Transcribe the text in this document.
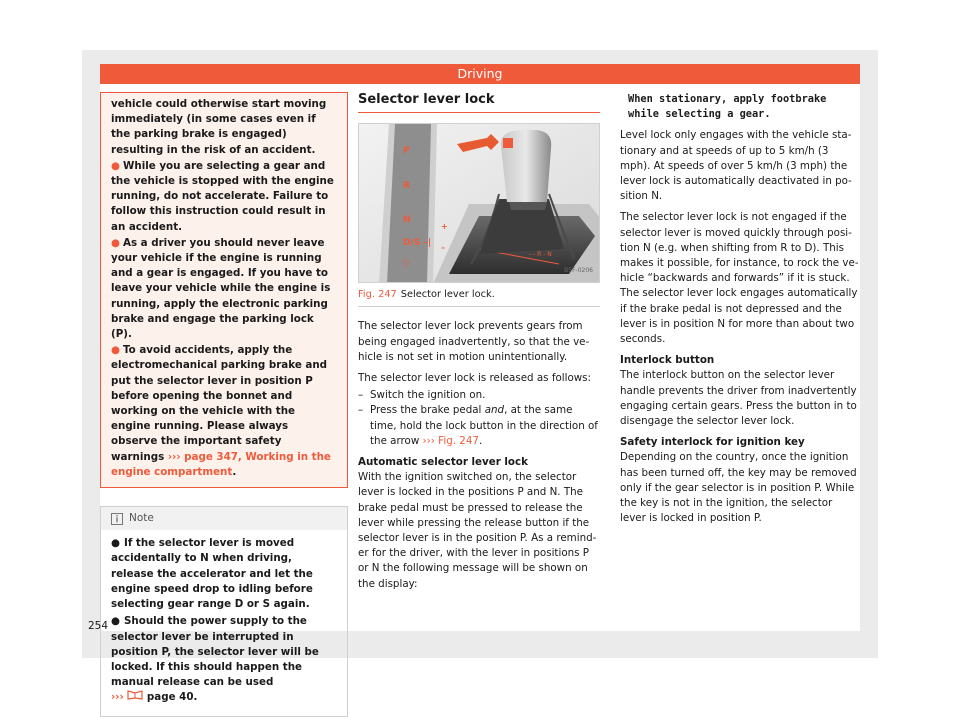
Driving

vehicle could otherwise start moving immediately (in some cases even if the parking brake is engaged) resulting in the risk of an accident.

● While you are selecting a gear and the vehicle is stopped with the engine running, do not accelerate. Failure to follow this instruction could result in an accident.

● As a driver you should never leave your vehicle if the engine is running and a gear is engaged. If you have to leave your vehicle while the engine is running, apply the electronic parking brake and engage the parking lock (P).

● To avoid accidents, apply the electromechanical parking brake and put the selector lever in position P before opening the bonnet and working on the vehicle with the engine running. Please always observe the important safety warnings ››› page 347, Working in the engine compartment.

Note

● If the selector lever is moved accidentally to N when driving, release the accelerator and let the engine speed drop to idling before selecting gear range D or S again.

● Should the power supply to the selector lever be interrupted in position P, the selector lever will be locked. If this should happen the manual release can be used
›››  page 40.

Selector lever lock
- - R - N
P
R
N
D/S –|
▽
+
–
B5F-0206
Fig. 247 Selector lever lock.

The selector lever lock prevents gears from being engaged inadvertently, so that the vehicle is not set in motion unintentionally.

The selector lever lock is released as follows:

– Switch the ignition on.
– Press the brake pedal and, at the same time, hold the lock button in the direction of the arrow ››› Fig. 247.

Automatic selector lever lock

With the ignition switched on, the selector lever is locked in the positions P and N. The brake pedal must be pressed to release the lever while pressing the release button if the selector lever is in the position P. As a reminder for the driver, with the lever in positions P or N the following message will be shown on the display:

When stationary, apply footbrake while selecting a gear.

Level lock only engages with the vehicle stationary and at speeds of up to 5 km/h (3 mph). At speeds of over 5 km/h (3 mph) the lever lock is automatically deactivated in position N.

The selector lever lock is not engaged if the selector lever is moved quickly through position N (e.g. when shifting from R to D). This makes it possible, for instance, to rock the vehicle “backwards and forwards” if it is stuck. The selector lever lock engages automatically if the brake pedal is not depressed and the lever is in position N for more than about two seconds.

Interlock button

The interlock button on the selector lever handle prevents the driver from inadvertently engaging certain gears. Press the button in to disengage the selector lever lock.

Safety interlock for ignition key

Depending on the country, once the ignition has been turned off, the key may be removed only if the gear selector is in position P. While the key is not in the ignition, the selector lever is locked in position P.

254
